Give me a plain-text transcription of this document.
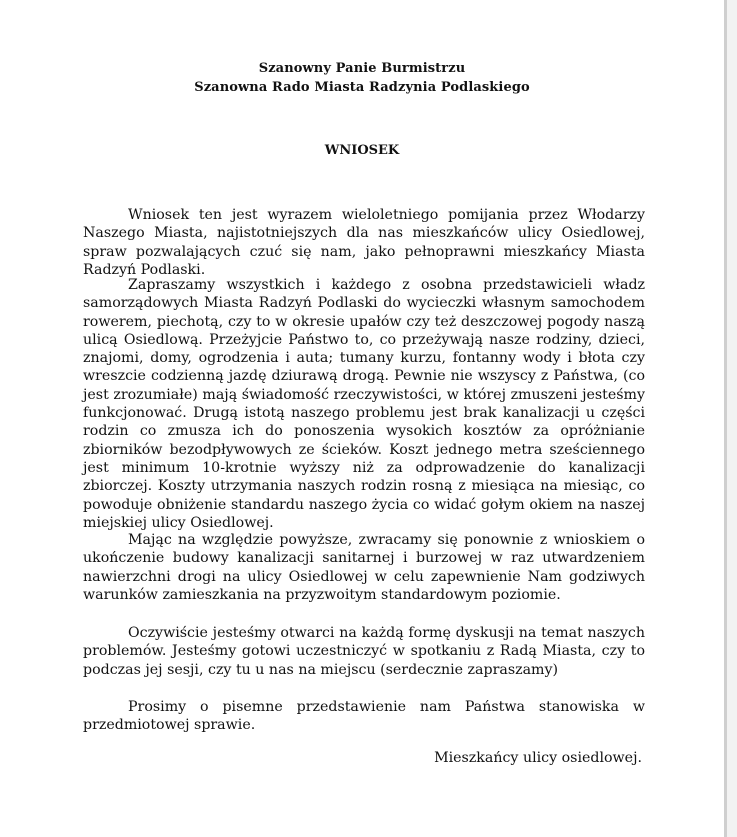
Szanowny Panie Burmistrzu
Szanowna Rado Miasta Radzynia Podlaskiego
WNIOSEK

Wniosek ten jest wyrazem wieloletniego pomijania przez Włodarzy Naszego Miasta, najistotniejszych dla nas mieszkańców ulicy Osiedlowej, spraw pozwalających czuć się nam, jako pełnoprawni mieszkańcy Miasta Radzyń Podlaski.

Zapraszamy wszystkich i każdego z osobna przedstawicieli władz samorządowych Miasta Radzyń Podlaski do wycieczki własnym samochodem rowerem, piechotą, czy to w okresie upałów czy też deszczowej pogody naszą ulicą Osiedlową. Przeżyjcie Państwo to, co przeżywają nasze rodziny, dzieci, znajomi, domy, ogrodzenia i auta; tumany kurzu, fontanny wody i błota czy wreszcie codzienną jazdę dziurawą drogą. Pewnie nie wszyscy z Państwa, (co jest zrozumiałe) mają świadomość rzeczywistości, w której zmuszeni jesteśmy funkcjonować. Drugą istotą naszego problemu jest brak kanalizacji u części rodzin co zmusza ich do ponoszenia wysokich kosztów za opróżnianie zbiorników bezodpływowych ze ścieków. Koszt jednego metra sześciennego jest minimum 10-krotnie wyższy niż za odprowadzenie do kanalizacji zbiorczej. Koszty utrzymania naszych rodzin rosną z miesiąca na miesiąc, co powoduje obniżenie standardu naszego życia co widać gołym okiem na naszej miejskiej ulicy Osiedlowej.

Mając na względzie powyższe, zwracamy się ponownie z wnioskiem o ukończenie budowy kanalizacji sanitarnej i burzowej w raz utwardzeniem nawierzchni drogi na ulicy Osiedlowej w celu zapewnienie Nam godziwych warunków zamieszkania na przyzwoitym standardowym poziomie.

Oczywiście jesteśmy otwarci na każdą formę dyskusji na temat naszych problemów. Jesteśmy gotowi uczestniczyć w spotkaniu z Radą Miasta, czy to podczas jej sesji, czy tu u nas na miejscu (serdecznie zapraszamy)

Prosimy o pisemne przedstawienie nam Państwa stanowiska w przedmiotowej sprawie.

Mieszkańcy ulicy osiedlowej.
